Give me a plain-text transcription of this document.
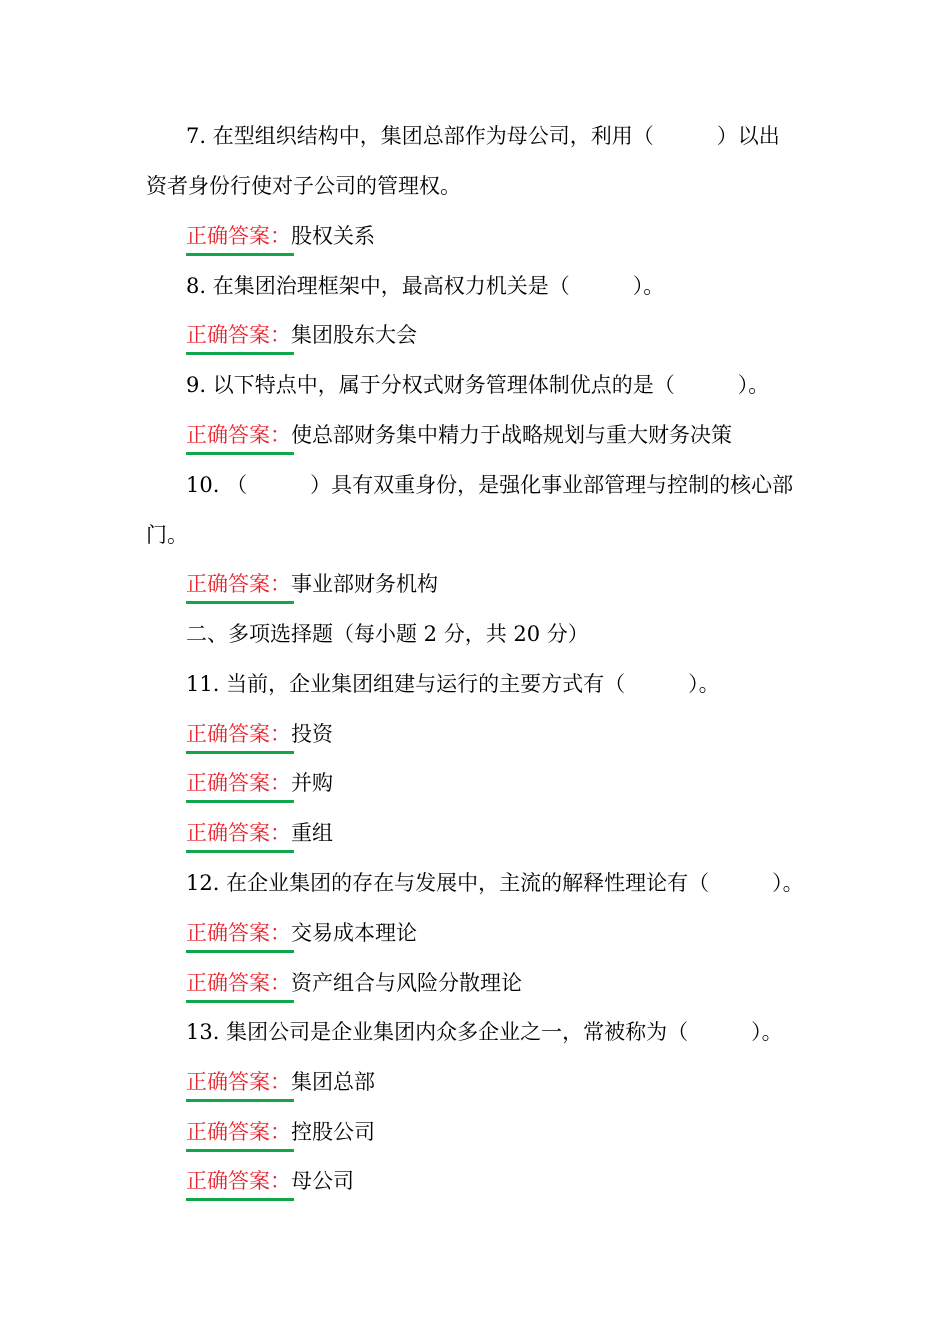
7. 在型组织结构中，集团总部作为母公司，利用（　　　）以出
资者身份行使对子公司的管理权。
正确答案：股权关系
8. 在集团治理框架中，最高权力机关是（　　　）。
正确答案：集团股东大会
9. 以下特点中，属于分权式财务管理体制优点的是（　　　）。
正确答案：使总部财务集中精力于战略规划与重大财务决策
10. （　　　）具有双重身份，是强化事业部管理与控制的核心部
门。
正确答案：事业部财务机构
二、多项选择题（每小题 2 分，共 20 分）
11. 当前，企业集团组建与运行的主要方式有（　　　）。
正确答案：投资
正确答案：并购
正确答案：重组
12. 在企业集团的存在与发展中，主流的解释性理论有（　　　）。
正确答案：交易成本理论
正确答案：资产组合与风险分散理论
13. 集团公司是企业集团内众多企业之一，常被称为（　　　）。
正确答案：集团总部
正确答案：控股公司
正确答案：母公司
